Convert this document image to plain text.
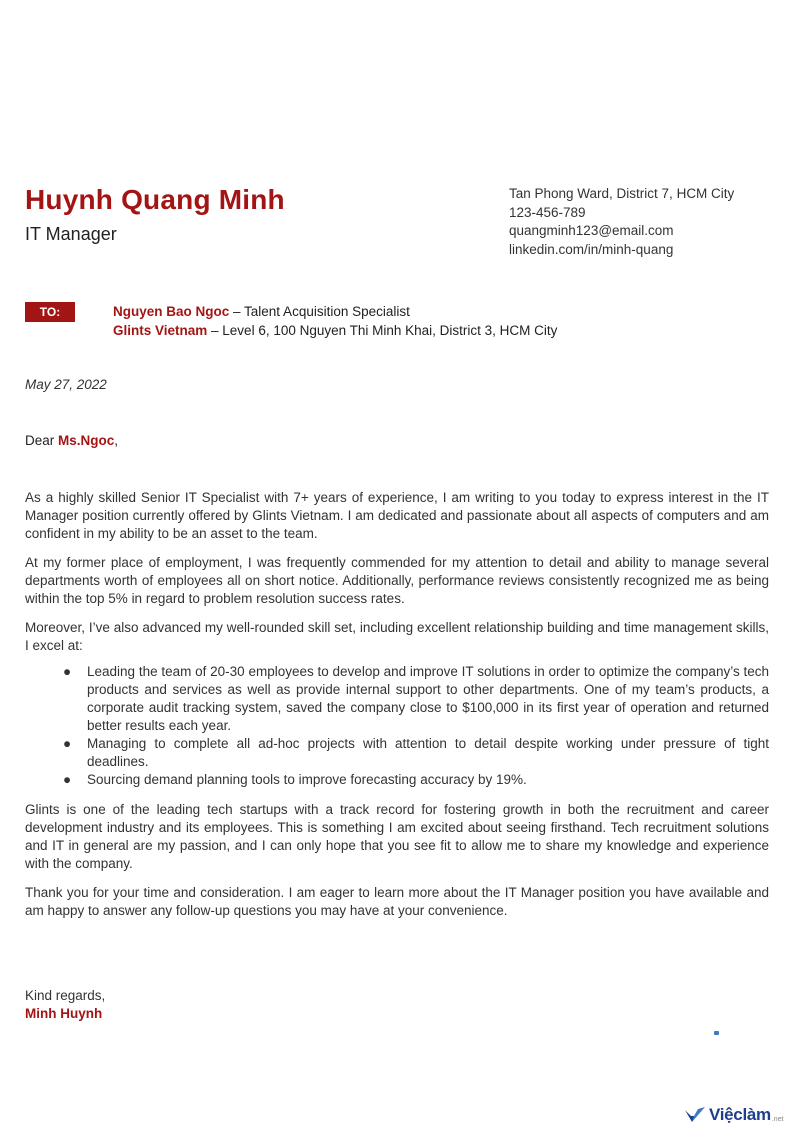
Huynh Quang Minh
IT Manager
Tan Phong Ward, District 7, HCM City
123-456-789
quangminh123@email.com
linkedin.com/in/minh-quang
TO:	Nguyen Bao Ngoc – Talent Acquisition Specialist
Glints Vietnam – Level 6, 100 Nguyen Thi Minh Khai, District 3, HCM City
May 27, 2022
Dear Ms.Ngoc,

As a highly skilled Senior IT Specialist with 7+ years of experience, I am writing to you today to express interest in the IT Manager position currently offered by Glints Vietnam. I am dedicated and passionate about all aspects of computers and am confident in my ability to be an asset to the team.

At my former place of employment, I was frequently commended for my attention to detail and ability to manage several departments worth of employees all on short notice. Additionally, performance reviews consistently recognized me as being within the top 5% in regard to problem resolution success rates.

Moreover, I’ve also advanced my well-rounded skill set, including excellent relationship building and time management skills, I excel at:

● Leading the team of 20-30 employees to develop and improve IT solutions in order to optimize the company’s tech products and services as well as provide internal support to other departments. One of my team’s products, a corporate audit tracking system, saved the company close to $100,000 in its first year of operation and returned better results each year.
● Managing to complete all ad-hoc projects with attention to detail despite working under pressure of tight deadlines.
● Sourcing demand planning tools to improve forecasting accuracy by 19%.

Glints is one of the leading tech startups with a track record for fostering growth in both the recruitment and career development industry and its employees. This is something I am excited about seeing firsthand. Tech recruitment solutions and IT in general are my passion, and I can only hope that you see fit to allow me to share my knowledge and experience with the company.

Thank you for your time and consideration. I am eager to learn more about the IT Manager position you have available and am happy to answer any follow-up questions you may have at your convenience.

Kind regards,
Minh Huynh
Việclàm .net
